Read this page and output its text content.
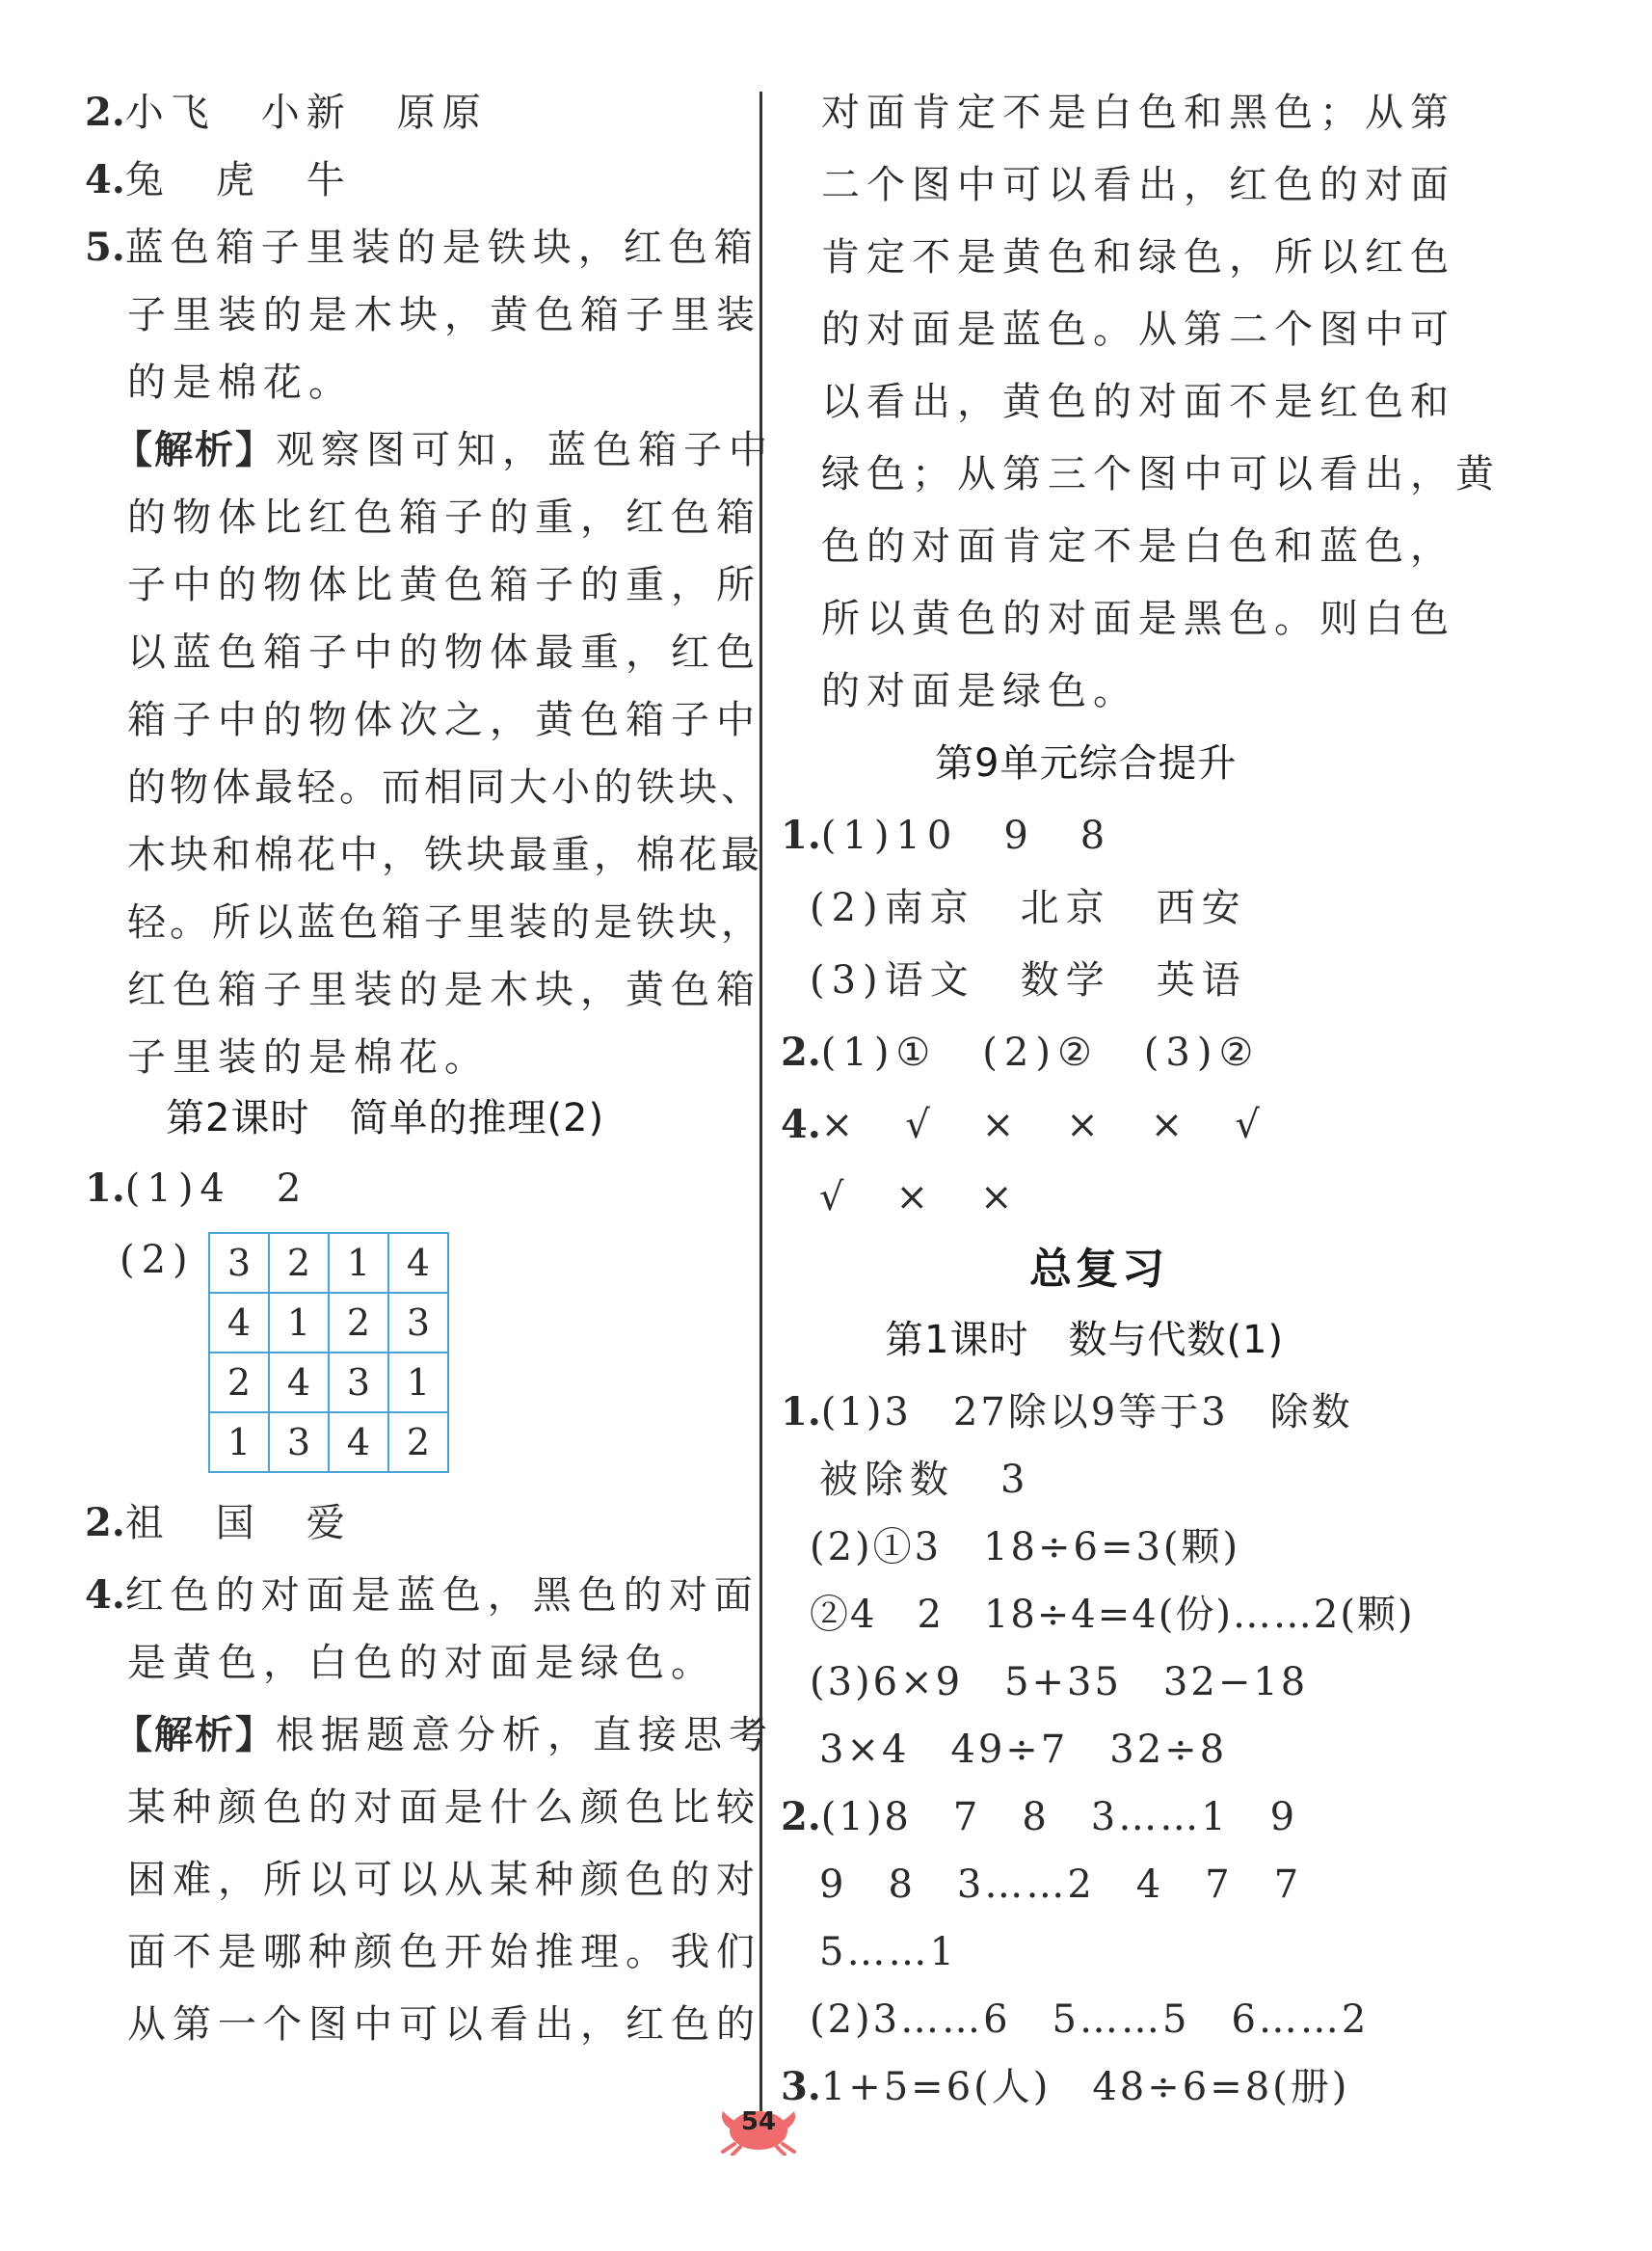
2.小飞　小新　原原
4.兔　虎　牛
5.蓝色箱子里装的是铁块，红色箱
子里装的是木块，黄色箱子里装
的是棉花。
【解析】观察图可知，蓝色箱子中
的物体比红色箱子的重，红色箱
子中的物体比黄色箱子的重，所
以蓝色箱子中的物体最重，红色
箱子中的物体次之，黄色箱子中
的物体最轻。而相同大小的铁块、
木块和棉花中，铁块最重，棉花最
轻。所以蓝色箱子里装的是铁块，
红色箱子里装的是木块，黄色箱
子里装的是棉花。
第2课时　简单的推理(2)
1.(1)4　2
(2) 3	2	1	4
4	1	2	3
2	4	3	1
1	3	4	2
2.祖　国　爱
4.红色的对面是蓝色，黑色的对面
是黄色，白色的对面是绿色。
【解析】根据题意分析，直接思考
某种颜色的对面是什么颜色比较
困难，所以可以从某种颜色的对
面不是哪种颜色开始推理。我们
从第一个图中可以看出，红色的
对面肯定不是白色和黑色；从第
二个图中可以看出，红色的对面
肯定不是黄色和绿色，所以红色
的对面是蓝色。从第二个图中可
以看出，黄色的对面不是红色和
绿色；从第三个图中可以看出，黄
色的对面肯定不是白色和蓝色，
所以黄色的对面是黑色。则白色
的对面是绿色。
第9单元综合提升
1.(1)10　9　8
(2)南京　北京　西安
(3)语文　数学　英语
2.(1)①　(2)②　(3)②
4.×　√　×　×　×　√
√　×　×
总复习
第1课时　数与代数(1)
1.(1)3　27除以9等于3　除数
被除数　3
(2)①3　18÷6=3(颗)
②4　2　18÷4=4(份)……2(颗)
(3)6×9　5+35　32−18
3×4　49÷7　32÷8
2.(1)8　7　8　3……1　9
9　8　3……2　4　7　7
5……1
(2)3……6　5……5　6……2
3.1+5=6(人)　48÷6=8(册)
54
